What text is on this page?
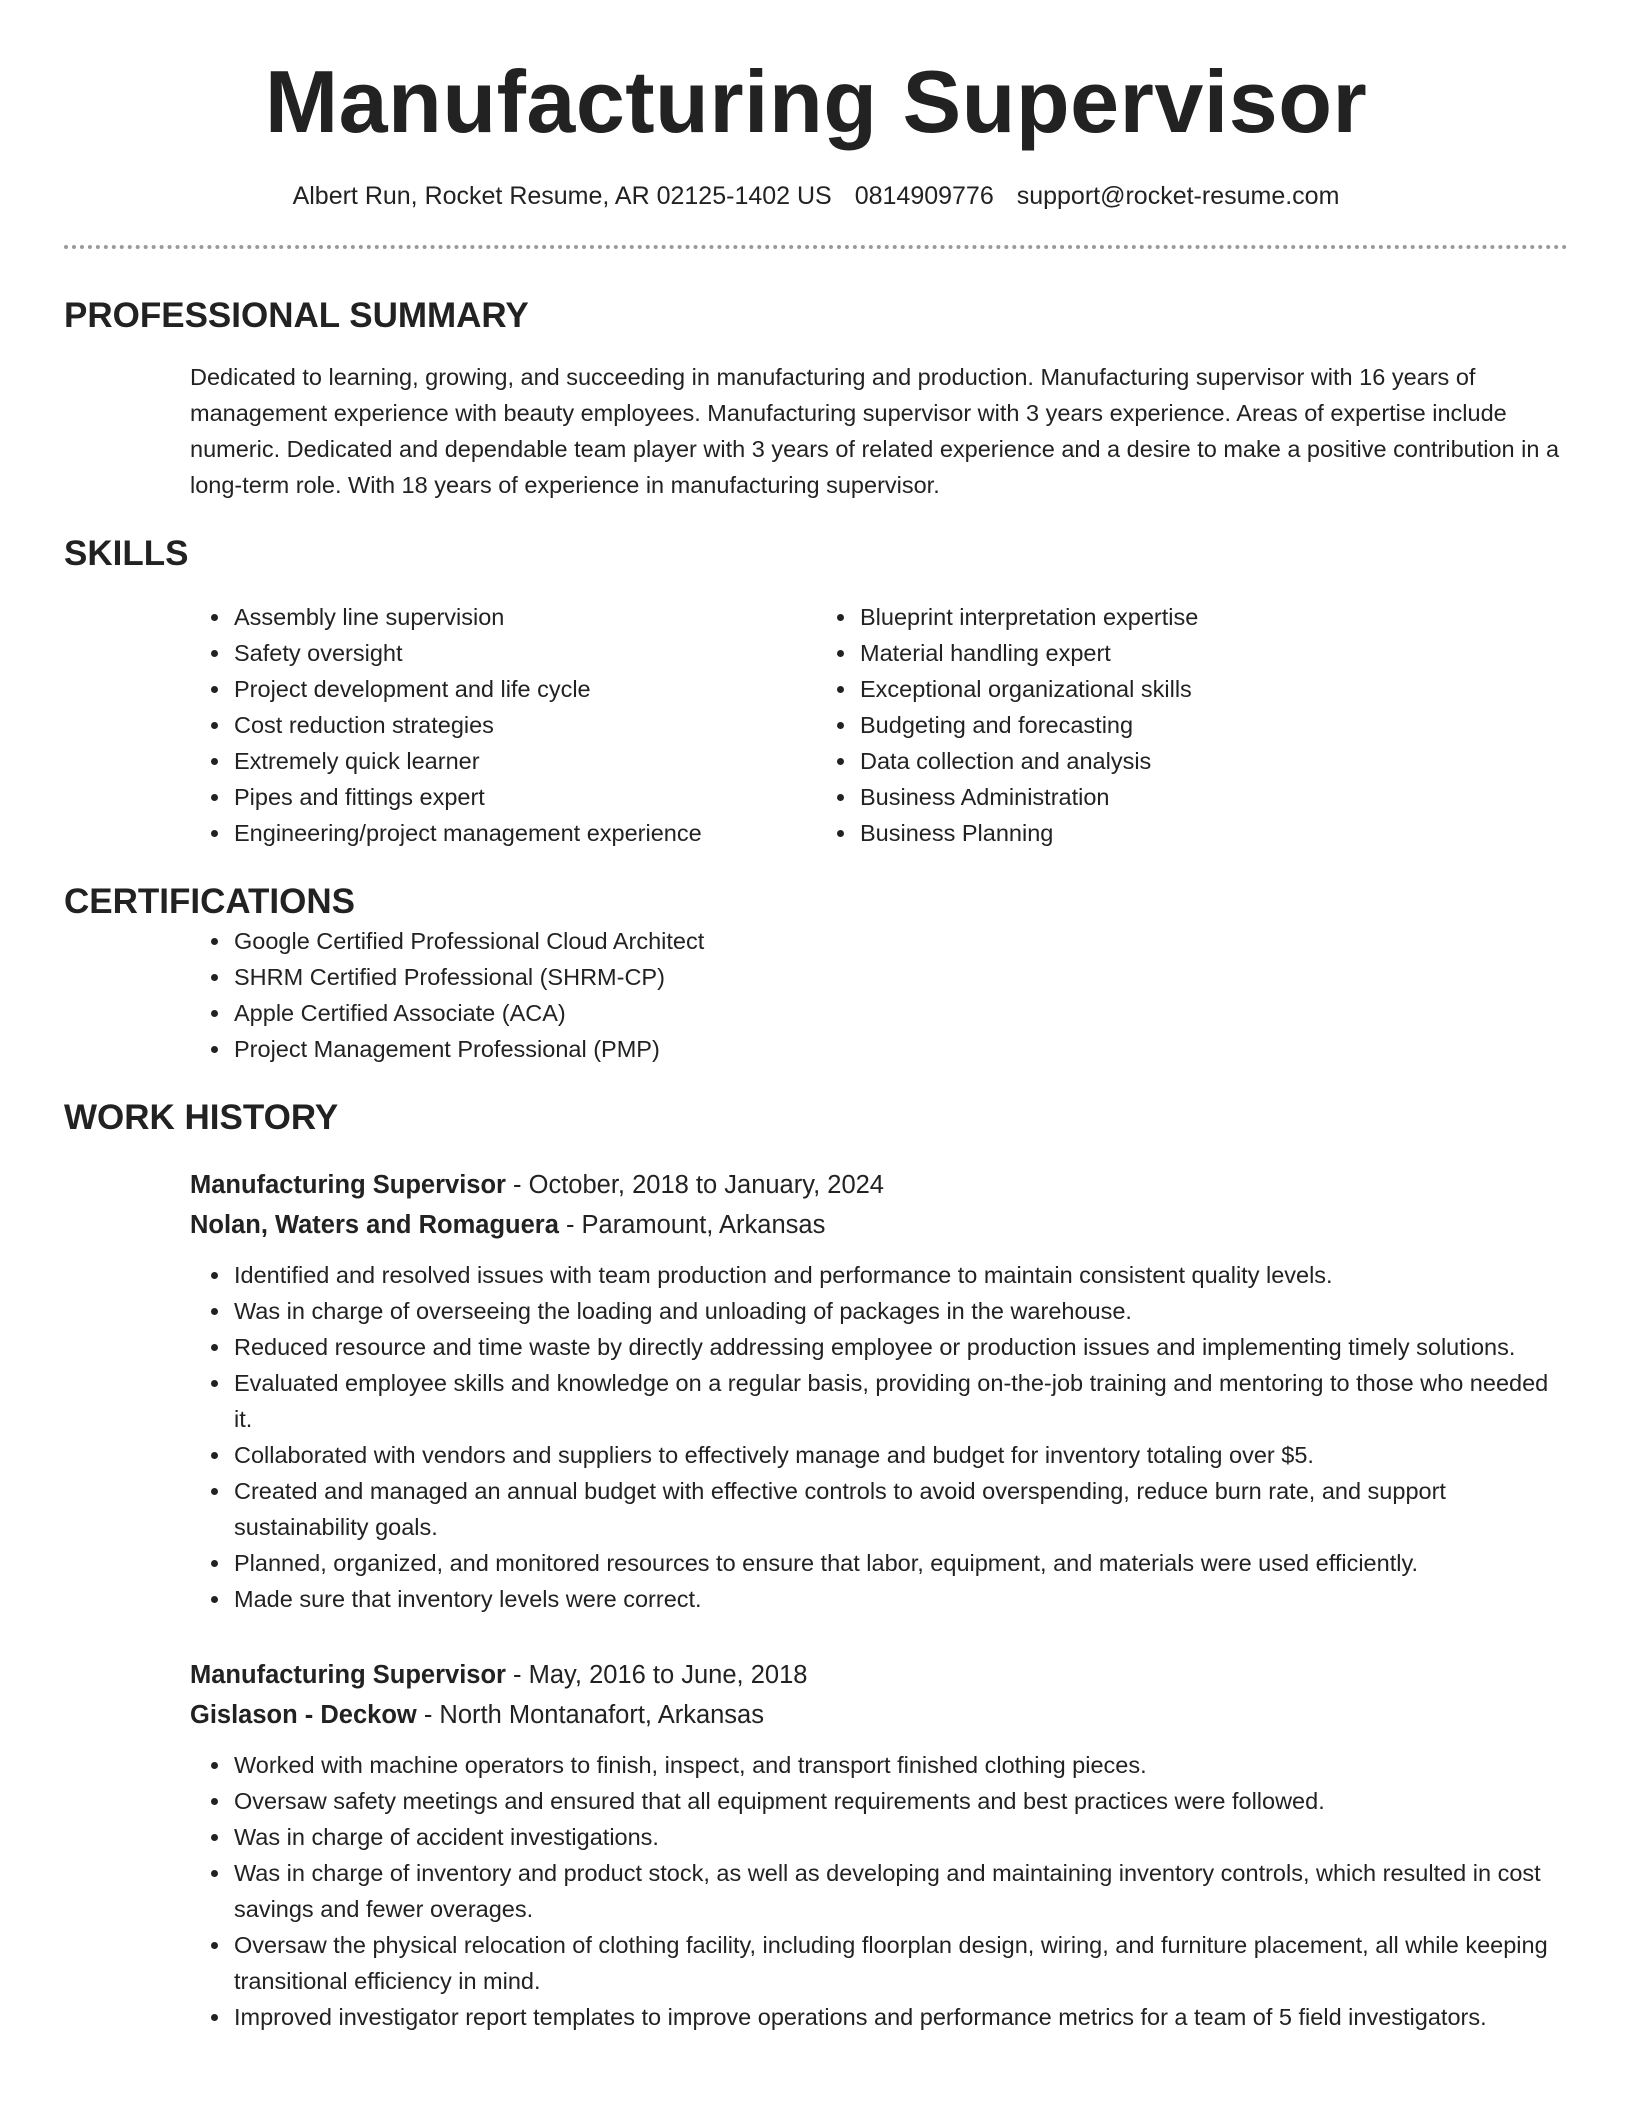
Manufacturing Supervisor
Albert Run, Rocket Resume, AR 02125-1402 US 0814909776 support@rocket-resume.com
PROFESSIONAL SUMMARY

Dedicated to learning, growing, and succeeding in manufacturing and production. Manufacturing supervisor with 16 years of management experience with beauty employees. Manufacturing supervisor with 3 years experience. Areas of expertise include numeric. Dedicated and dependable team player with 3 years of related experience and a desire to make a positive contribution in a long-term role. With 18 years of experience in manufacturing supervisor.

SKILLS
Assembly line supervision
Safety oversight
Project development and life cycle
Cost reduction strategies
Extremely quick learner
Pipes and fittings expert
Engineering/project management experience
Blueprint interpretation expertise
Material handling expert
Exceptional organizational skills
Budgeting and forecasting
Data collection and analysis
Business Administration
Business Planning
CERTIFICATIONS
Google Certified Professional Cloud Architect
SHRM Certified Professional (SHRM-CP)
Apple Certified Associate (ACA)
Project Management Professional (PMP)
WORK HISTORY
Manufacturing Supervisor - October, 2018 to January, 2024
Nolan, Waters and Romaguera - Paramount, Arkansas
Identified and resolved issues with team production and performance to maintain consistent quality levels.
Was in charge of overseeing the loading and unloading of packages in the warehouse.
Reduced resource and time waste by directly addressing employee or production issues and implementing timely solutions.
Evaluated employee skills and knowledge on a regular basis, providing on-the-job training and mentoring to those who needed it.
Collaborated with vendors and suppliers to effectively manage and budget for inventory totaling over $5.
Created and managed an annual budget with effective controls to avoid overspending, reduce burn rate, and support sustainability goals.
Planned, organized, and monitored resources to ensure that labor, equipment, and materials were used efficiently.
Made sure that inventory levels were correct.
Manufacturing Supervisor - May, 2016 to June, 2018
Gislason - Deckow - North Montanafort, Arkansas
Worked with machine operators to finish, inspect, and transport finished clothing pieces.
Oversaw safety meetings and ensured that all equipment requirements and best practices were followed.
Was in charge of accident investigations.
Was in charge of inventory and product stock, as well as developing and maintaining inventory controls, which resulted in cost savings and fewer overages.
Oversaw the physical relocation of clothing facility, including floorplan design, wiring, and furniture placement, all while keeping transitional efficiency in mind.
Improved investigator report templates to improve operations and performance metrics for a team of 5 field investigators.
